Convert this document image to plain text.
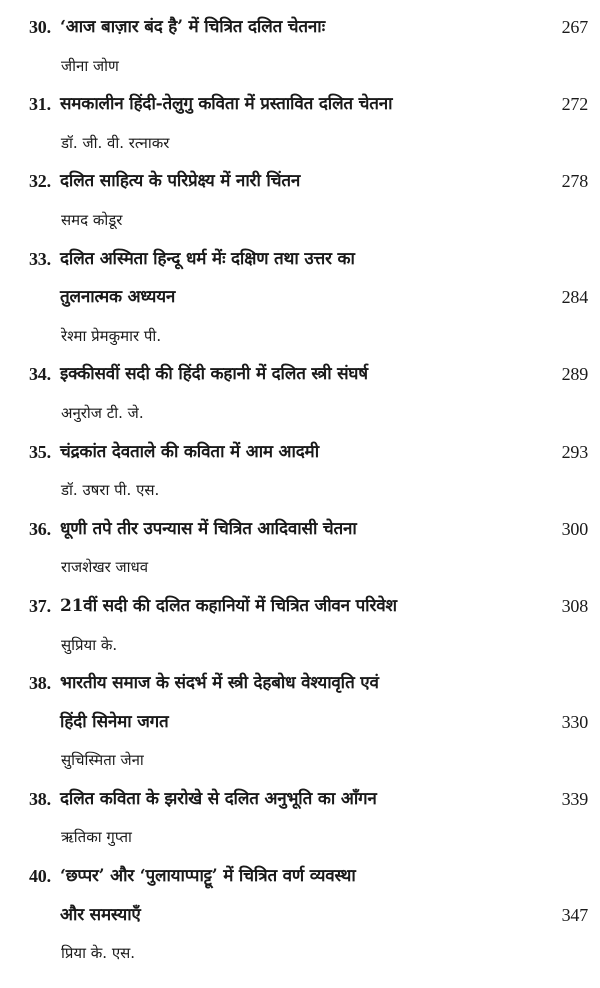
30. ‘आज बाज़ार बंद है’ में चित्रित दलित चेतनाः	267
जीना जोण
31. समकालीन हिंदी-तेलुगु कविता में प्रस्तावित दलित चेतना	272
डॉ. जी. वी. रत्नाकर
32. दलित साहित्य के परिप्रेक्ष्य में नारी चिंतन	278
समद कोडूर
33. दलित अस्मिता हिन्दू धर्म मेंः दक्षिण तथा उत्तर का
तुलनात्मक अध्ययन	284
रेश्मा प्रेमकुमार पी.
34. इक्कीसवीं सदी की हिंदी कहानी में दलित स्त्री संघर्ष	289
अनुरोज टी. जे.
35. चंद्रकांत देवताले की कविता में आम आदमी	293
डॉ. उषरा पी. एस.
36. धूणी तपे तीर उपन्यास में चित्रित आदिवासी चेतना	300
राजशेखर जाधव
37. 21वीं सदी की दलित कहानियों में चित्रित जीवन परिवेश	308
सुप्रिया के.
38. भारतीय समाज के संदर्भ में स्त्री देहबोध वेश्यावृति एवं
हिंदी सिनेमा जगत	330
सुचिस्मिता जेना
38. दलित कविता के झरोखे से दलित अनुभूति का आँगन	339
ऋतिका गुप्ता
40. ‘छप्पर’ और ‘पुलायाप्पाट्टू’ में चित्रित वर्ण व्यवस्था
और समस्याएँ	347
प्रिया के. एस.
